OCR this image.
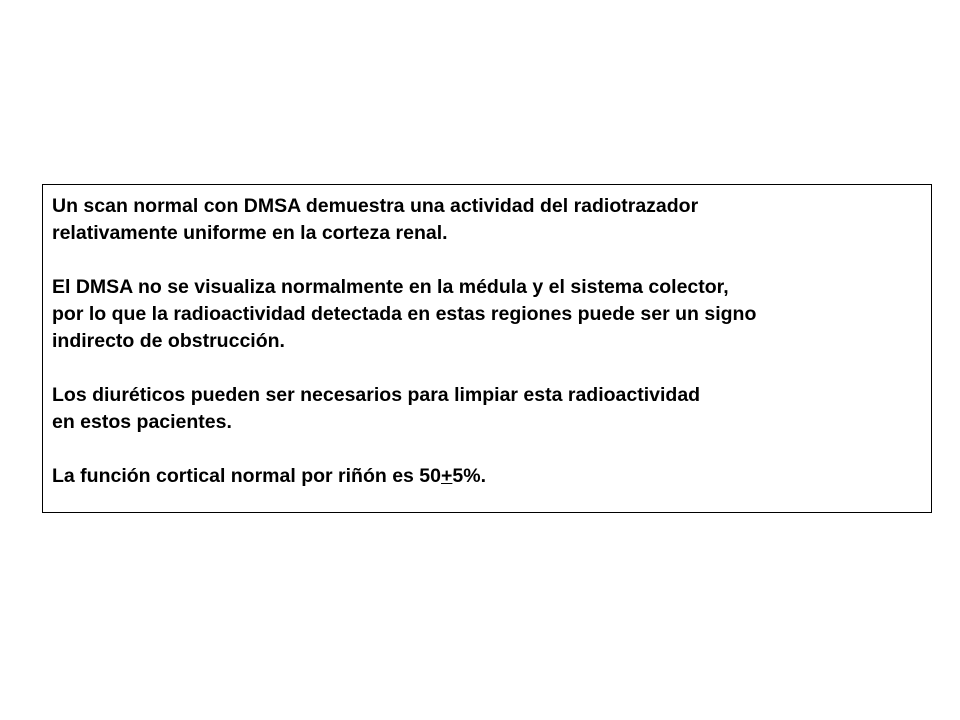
Un scan normal con DMSA demuestra una actividad del radiotrazador
relativamente uniforme en la corteza renal.

El DMSA no se visualiza normalmente en la médula y el sistema colector,
por lo que la radioactividad detectada en estas regiones puede ser un signo
indirecto de obstrucción.

Los diuréticos pueden ser necesarios para limpiar esta radioactividad
en estos pacientes.

La función cortical normal por riñón es 50+5%.
